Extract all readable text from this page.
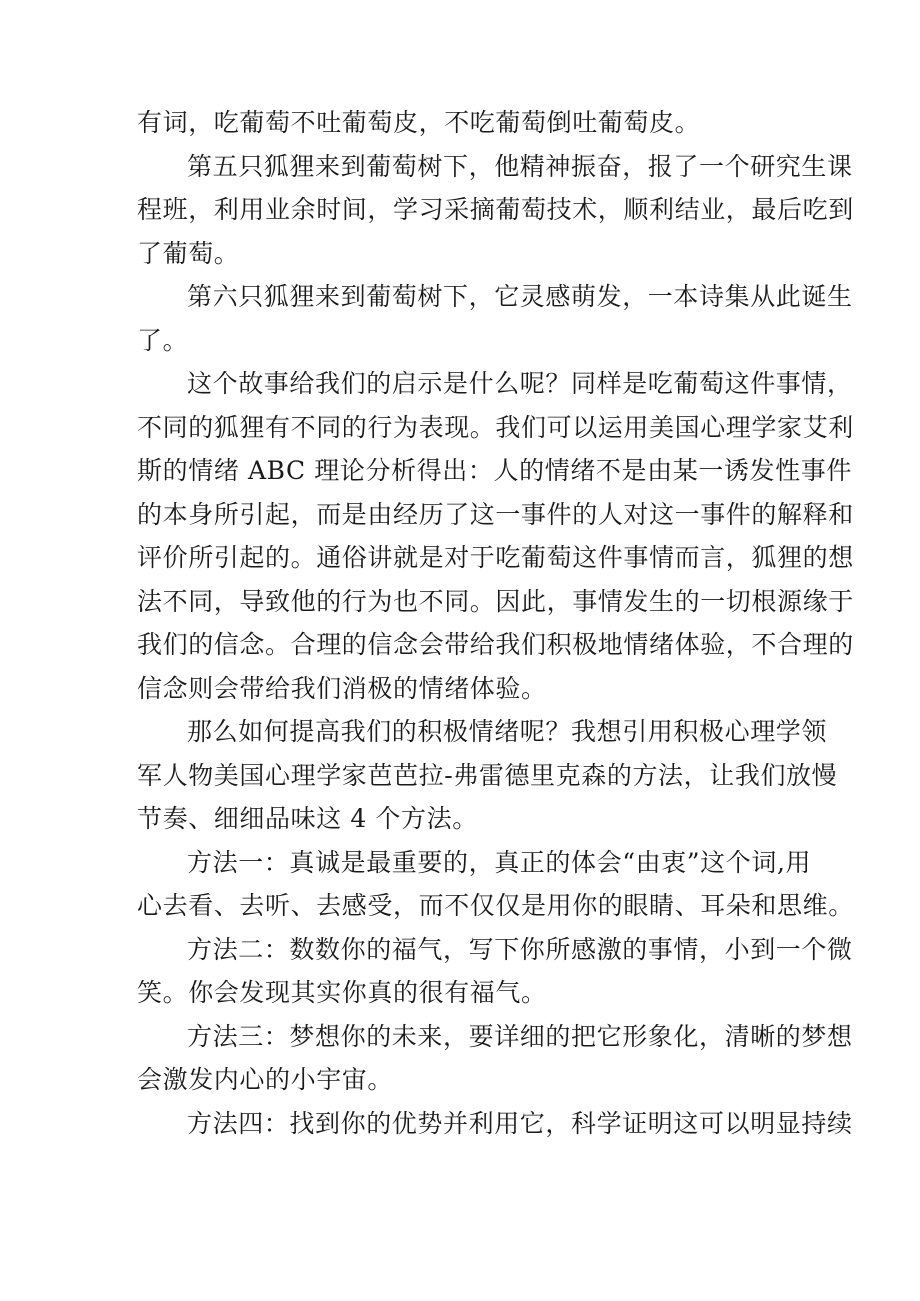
有词，吃葡萄不吐葡萄皮，不吃葡萄倒吐葡萄皮。
第五只狐狸来到葡萄树下，他精神振奋，报了一个研究生课
程班，利用业余时间，学习采摘葡萄技术，顺利结业，最后吃到
了葡萄。
第六只狐狸来到葡萄树下，它灵感萌发，一本诗集从此诞生
了。
这个故事给我们的启示是什么呢？同样是吃葡萄这件事情，
不同的狐狸有不同的行为表现。我们可以运用美国心理学家艾利
斯的情绪 ABC 理论分析得出：人的情绪不是由某一诱发性事件
的本身所引起，而是由经历了这一事件的人对这一事件的解释和
评价所引起的。通俗讲就是对于吃葡萄这件事情而言，狐狸的想
法不同，导致他的行为也不同。因此，事情发生的一切根源缘于
我们的信念。合理的信念会带给我们积极地情绪体验，不合理的
信念则会带给我们消极的情绪体验。
那么如何提高我们的积极情绪呢？我想引用积极心理学领
军人物美国心理学家芭芭拉-弗雷德里克森的方法，让我们放慢
节奏、细细品味这 4 个方法。
方法一：真诚是最重要的，真正的体会“由衷”这个词,用
心去看、去听、去感受，而不仅仅是用你的眼睛、耳朵和思维。
方法二：数数你的福气，写下你所感激的事情，小到一个微
笑。你会发现其实你真的很有福气。
方法三：梦想你的未来，要详细的把它形象化，清晰的梦想
会激发内心的小宇宙。
方法四：找到你的优势并利用它，科学证明这可以明显持续
